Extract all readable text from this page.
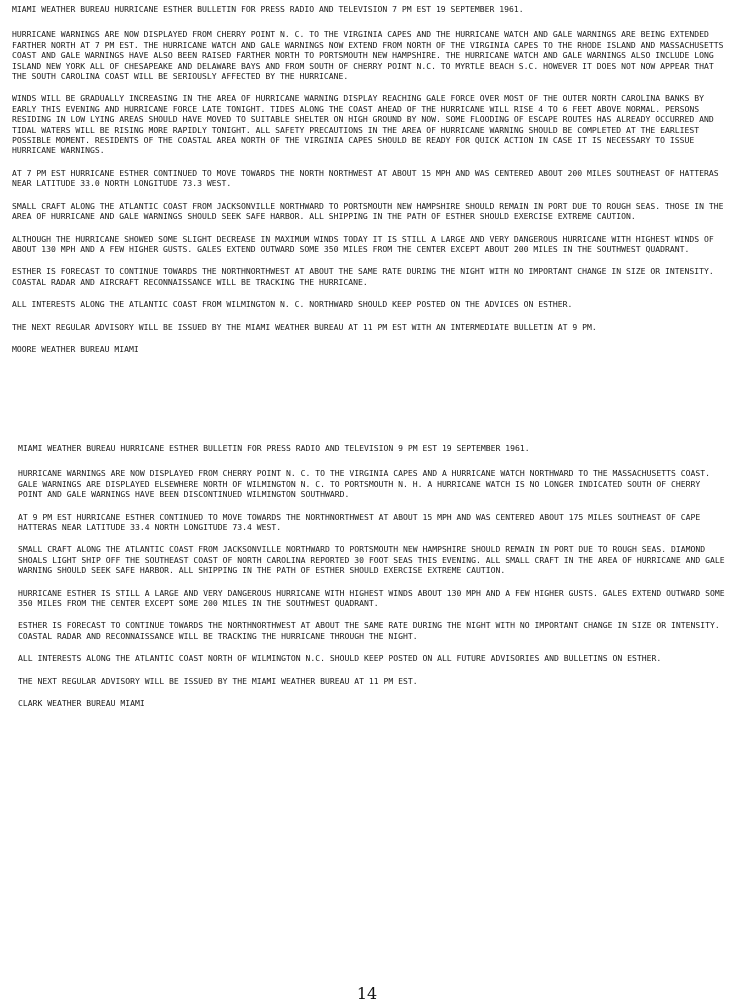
MIAMI WEATHER BUREAU HURRICANE ESTHER BULLETIN FOR PRESS RADIO AND TELEVISION 7 PM EST 19 SEPTEMBER 1961.

HURRICANE WARNINGS ARE NOW DISPLAYED FROM CHERRY POINT N. C. TO THE VIRGINIA CAPES AND THE HURRICANE WATCH AND GALE WARNINGS ARE BEING EXTENDED FARTHER NORTH AT 7 PM EST. THE HURRICANE WATCH AND GALE WARNINGS NOW EXTEND FROM NORTH OF THE VIRGINIA CAPES TO THE RHODE ISLAND AND MASSACHUSETTS COAST AND GALE WARNINGS HAVE ALSO BEEN RAISED FARTHER NORTH TO PORTSMOUTH NEW HAMPSHIRE. THE HURRICANE WATCH AND GALE WARNINGS ALSO INCLUDE LONG ISLAND NEW YORK ALL OF CHESAPEAKE AND DELAWARE BAYS AND FROM SOUTH OF CHERRY POINT N.C. TO MYRTLE BEACH S.C. HOWEVER IT DOES NOT NOW APPEAR THAT THE SOUTH CAROLINA COAST WILL BE SERIOUSLY AFFECTED BY THE HURRICANE.

WINDS WILL BE GRADUALLY INCREASING IN THE AREA OF HURRICANE WARNING DISPLAY REACHING GALE FORCE OVER MOST OF THE OUTER NORTH CAROLINA BANKS BY EARLY THIS EVENING AND HURRICANE FORCE LATE TONIGHT. TIDES ALONG THE COAST AHEAD OF THE HURRICANE WILL RISE 4 TO 6 FEET ABOVE NORMAL. PERSONS RESIDING IN LOW LYING AREAS SHOULD HAVE MOVED TO SUITABLE SHELTER ON HIGH GROUND BY NOW. SOME FLOODING OF ESCAPE ROUTES HAS ALREADY OCCURRED AND TIDAL WATERS WILL BE RISING MORE RAPIDLY TONIGHT. ALL SAFETY PRECAUTIONS IN THE AREA OF HURRICANE WARNING SHOULD BE COMPLETED AT THE EARLIEST POSSIBLE MOMENT. RESIDENTS OF THE COASTAL AREA NORTH OF THE VIRGINIA CAPES SHOULD BE READY FOR QUICK ACTION IN CASE IT IS NECESSARY TO ISSUE HURRICANE WARNINGS.

AT 7 PM EST HURRICANE ESTHER CONTINUED TO MOVE TOWARDS THE NORTH NORTHWEST AT ABOUT 15 MPH AND WAS CENTERED ABOUT 200 MILES SOUTHEAST OF HATTERAS NEAR LATITUDE 33.0 NORTH LONGITUDE 73.3 WEST.

SMALL CRAFT ALONG THE ATLANTIC COAST FROM JACKSONVILLE NORTHWARD TO PORTSMOUTH NEW HAMPSHIRE SHOULD REMAIN IN PORT DUE TO ROUGH SEAS. THOSE IN THE AREA OF HURRICANE AND GALE WARNINGS SHOULD SEEK SAFE HARBOR. ALL SHIPPING IN THE PATH OF ESTHER SHOULD EXERCISE EXTREME CAUTION.

ALTHOUGH THE HURRICANE SHOWED SOME SLIGHT DECREASE IN MAXIMUM WINDS TODAY IT IS STILL A LARGE AND VERY DANGEROUS HURRICANE WITH HIGHEST WINDS OF ABOUT 130 MPH AND A FEW HIGHER GUSTS. GALES EXTEND OUTWARD SOME 350 MILES FROM THE CENTER EXCEPT ABOUT 200 MILES IN THE SOUTHWEST QUADRANT.

ESTHER IS FORECAST TO CONTINUE TOWARDS THE NORTHNORTHWEST AT ABOUT THE SAME RATE DURING THE NIGHT WITH NO IMPORTANT CHANGE IN SIZE OR INTENSITY. COASTAL RADAR AND AIRCRAFT RECONNAISSANCE WILL BE TRACKING THE HURRICANE.

ALL INTERESTS ALONG THE ATLANTIC COAST FROM WILMINGTON N. C. NORTHWARD SHOULD KEEP POSTED ON THE ADVICES ON ESTHER.

THE NEXT REGULAR ADVISORY WILL BE ISSUED BY THE MIAMI WEATHER BUREAU AT 11 PM EST WITH AN INTERMEDIATE BULLETIN AT 9 PM.

MOORE WEATHER BUREAU MIAMI

MIAMI WEATHER BUREAU HURRICANE ESTHER BULLETIN FOR PRESS RADIO AND TELEVISION 9 PM EST 19 SEPTEMBER 1961.

HURRICANE WARNINGS ARE NOW DISPLAYED FROM CHERRY POINT N. C. TO THE VIRGINIA CAPES AND A HURRICANE WATCH NORTHWARD TO THE MASSACHUSETTS COAST. GALE WARNINGS ARE DISPLAYED ELSEWHERE NORTH OF WILMINGTON N. C. TO PORTSMOUTH N. H. A HURRICANE WATCH IS NO LONGER INDICATED SOUTH OF CHERRY POINT AND GALE WARNINGS HAVE BEEN DISCONTINUED WILMINGTON SOUTHWARD.

AT 9 PM EST HURRICANE ESTHER CONTINUED TO MOVE TOWARDS THE NORTHNORTHWEST AT ABOUT 15 MPH AND WAS CENTERED ABOUT 175 MILES SOUTHEAST OF CAPE HATTERAS NEAR LATITUDE 33.4 NORTH LONGITUDE 73.4 WEST.

SMALL CRAFT ALONG THE ATLANTIC COAST FROM JACKSONVILLE NORTHWARD TO PORTSMOUTH NEW HAMPSHIRE SHOULD REMAIN IN PORT DUE TO ROUGH SEAS. DIAMOND SHOALS LIGHT SHIP OFF THE SOUTHEAST COAST OF NORTH CAROLINA REPORTED 30 FOOT SEAS THIS EVENING. ALL SMALL CRAFT IN THE AREA OF HURRICANE AND GALE WARNING SHOULD SEEK SAFE HARBOR. ALL SHIPPING IN THE PATH OF ESTHER SHOULD EXERCISE EXTREME CAUTION.

HURRICANE ESTHER IS STILL A LARGE AND VERY DANGEROUS HURRICANE WITH HIGHEST WINDS ABOUT 130 MPH AND A FEW HIGHER GUSTS. GALES EXTEND OUTWARD SOME 350 MILES FROM THE CENTER EXCEPT SOME 200 MILES IN THE SOUTHWEST QUADRANT.

ESTHER IS FORECAST TO CONTINUE TOWARDS THE NORTHNORTHWEST AT ABOUT THE SAME RATE DURING THE NIGHT WITH NO IMPORTANT CHANGE IN SIZE OR INTENSITY. COASTAL RADAR AND RECONNAISSANCE WILL BE TRACKING THE HURRICANE THROUGH THE NIGHT.

ALL INTERESTS ALONG THE ATLANTIC COAST NORTH OF WILMINGTON N.C. SHOULD KEEP POSTED ON ALL FUTURE ADVISORIES AND BULLETINS ON ESTHER.

THE NEXT REGULAR ADVISORY WILL BE ISSUED BY THE MIAMI WEATHER BUREAU AT 11 PM EST.

CLARK WEATHER BUREAU MIAMI

14
